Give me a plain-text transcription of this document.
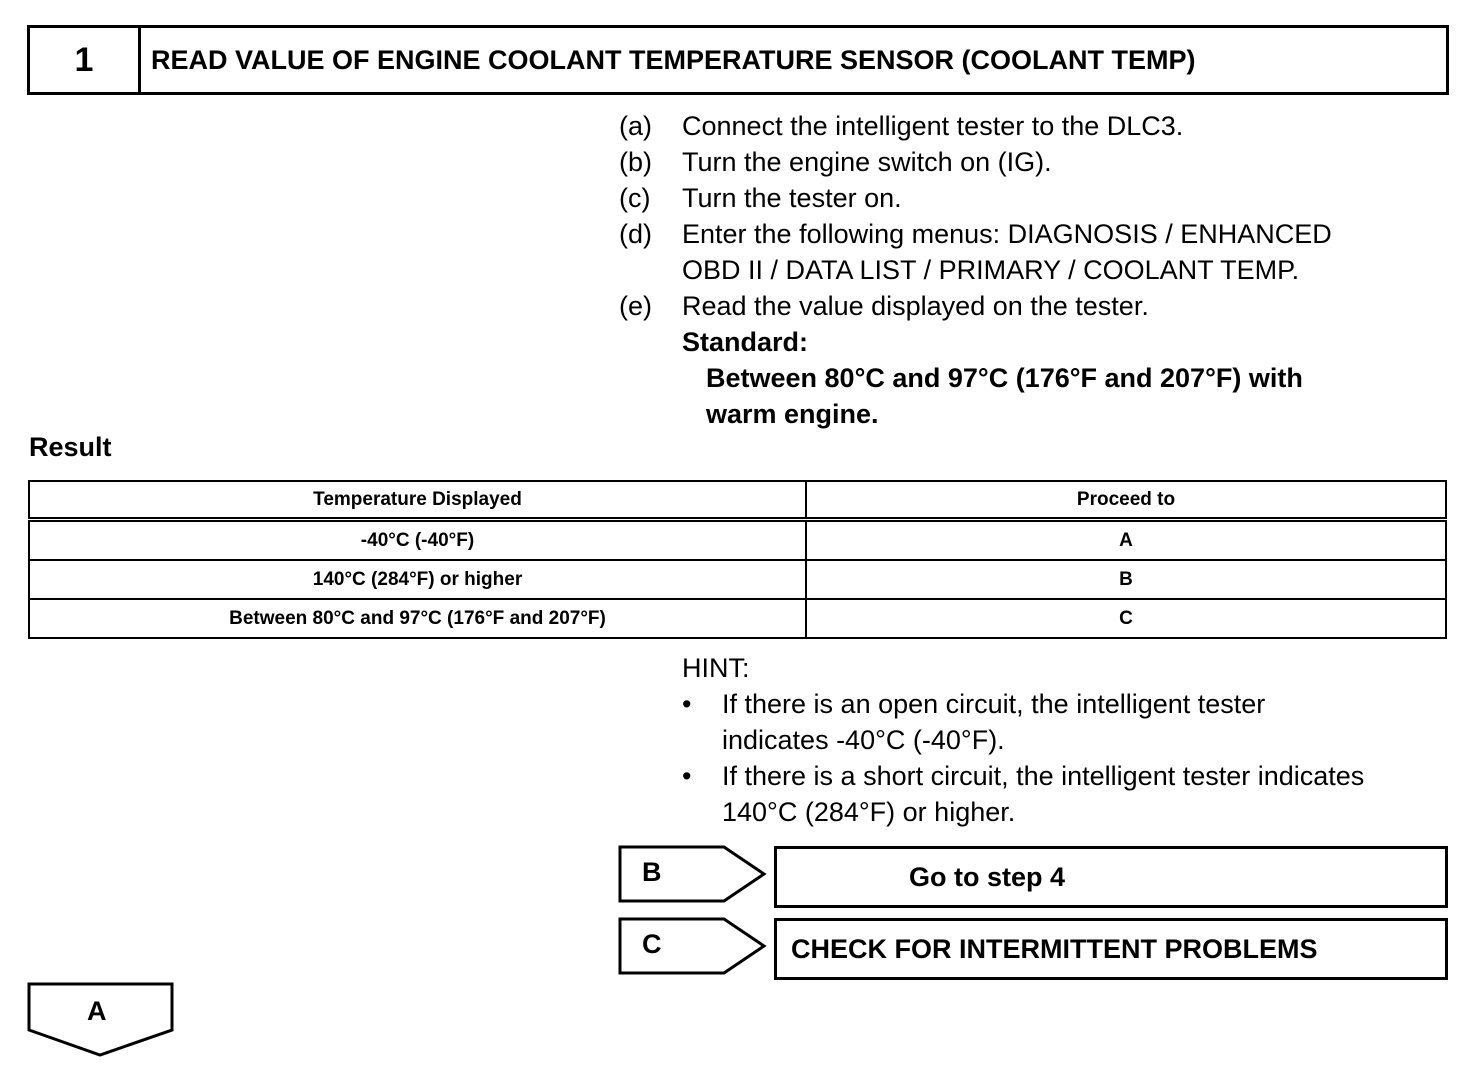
1	READ VALUE OF ENGINE COOLANT TEMPERATURE SENSOR (COOLANT TEMP)
(a)	Connect the intelligent tester to the DLC3.
(b)	Turn the engine switch on (IG).
(c)	Turn the tester on.
(d)	Enter the following menus: DIAGNOSIS / ENHANCED
OBD II / DATA LIST / PRIMARY / COOLANT TEMP.
(e)	Read the value displayed on the tester.
Standard:
Between 80°C and 97°C (176°F and 207°F) with
warm engine.
Result
Temperature Displayed	Proceed to
-40°C (-40°F)	A
140°C (284°F) or higher	B
Between 80°C and 97°C (176°F and 207°F)	C
HINT:
•	If there is an open circuit, the intelligent tester
indicates -40°C (-40°F).
•	If there is a short circuit, the intelligent tester indicates
140°C (284°F) or higher.
B	Go to step 4
C	CHECK FOR INTERMITTENT PROBLEMS
A
